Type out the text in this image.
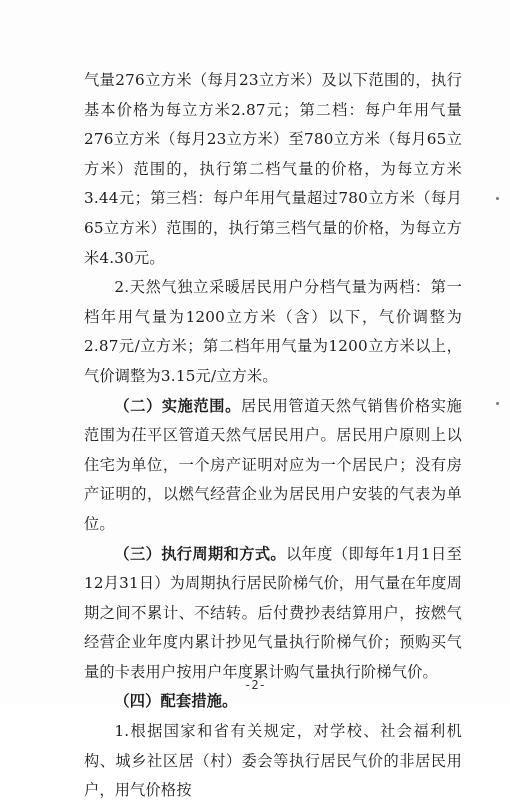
气量276立方米（每月23立方米）及以下范围的，执行基本价格为每立方米2.87元；第二档：每户年用气量276立方米（每月23立方米）至780立方米（每月65立方米）范围的，执行第二档气量的价格，为每立方米3.44元；第三档：每户年用气量超过780立方米（每月65立方米）范围的，执行第三档气量的价格，为每立方米4.30元。

2.天然气独立采暖居民用户分档气量为两档：第一档年用气量为1200立方米（含）以下，气价调整为2.87元/立方米；第二档年用气量为1200立方米以上，气价调整为3.15元/立方米。

（二）实施范围。居民用管道天然气销售价格实施范围为茌平区管道天然气居民用户。居民用户原则上以住宅为单位，一个房产证明对应为一个居民户；没有房产证明的，以燃气经营企业为居民用户安装的气表为单位。

（三）执行周期和方式。以年度（即每年1月1日至12月31日）为周期执行居民阶梯气价，用气量在年度周期之间不累计、不结转。后付费抄表结算用户，按燃气经营企业年度内累计抄见气量执行阶梯气价；预购买气量的卡表用户按用户年度累计购气量执行阶梯气价。

（四）配套措施。

1.根据国家和省有关规定，对学校、社会福利机构、城乡社区居（村）委会等执行居民气价的非居民用户，用气价格按

-2-
